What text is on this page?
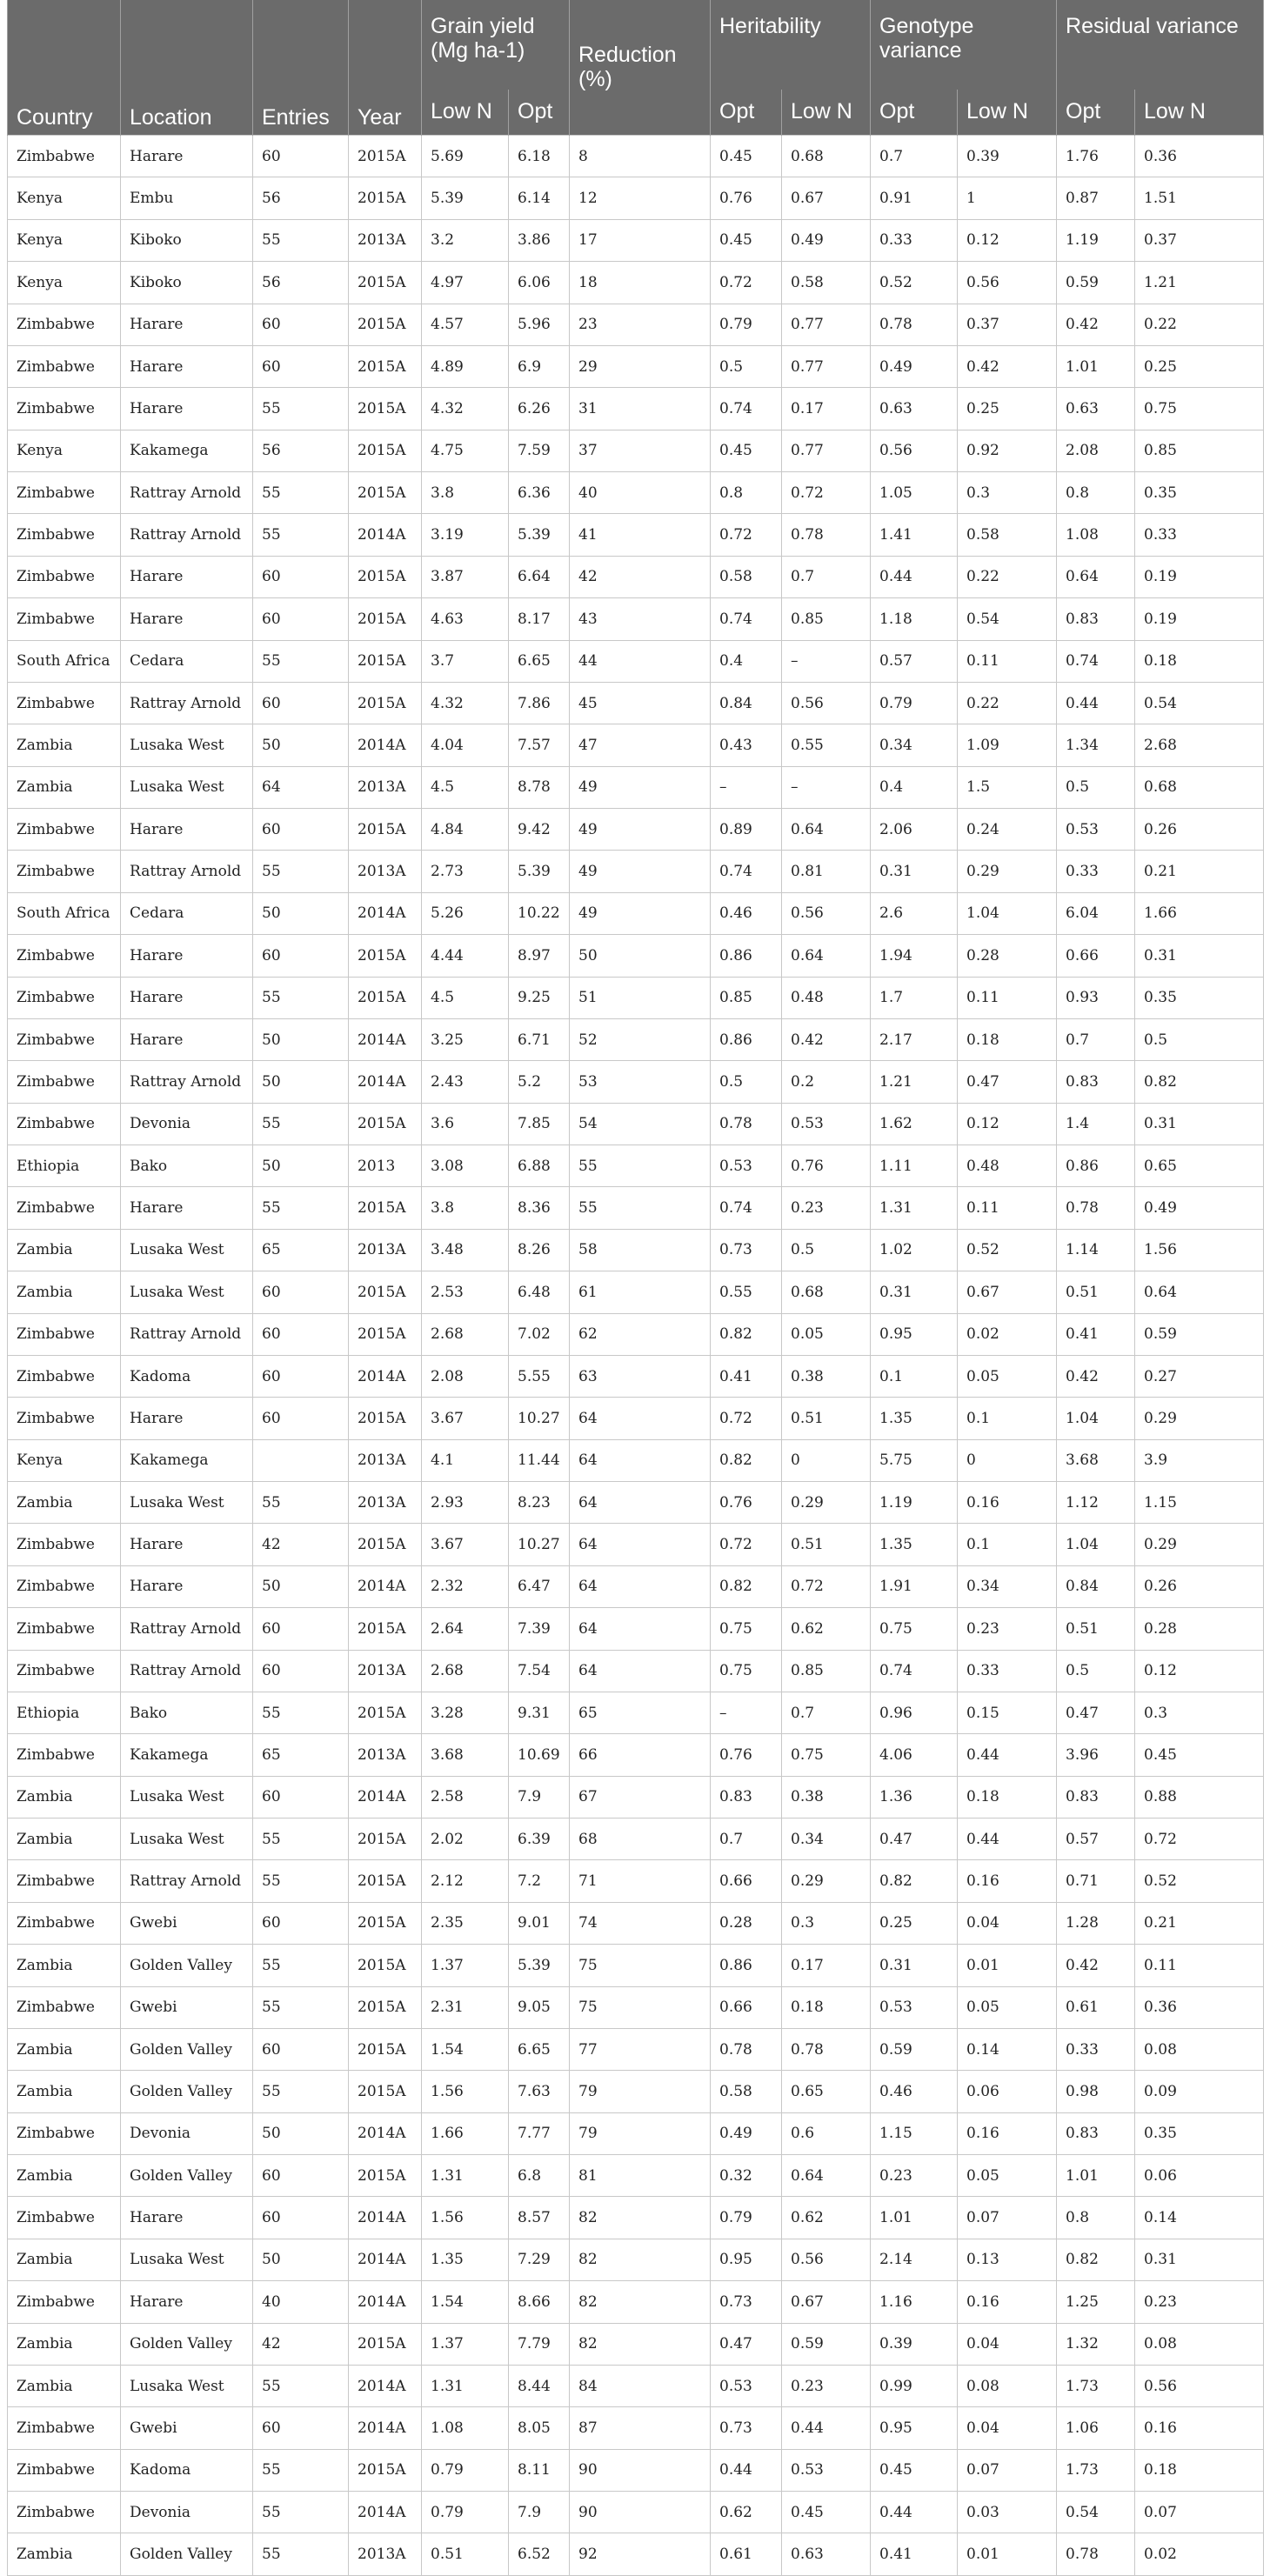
Country	Location	Entries	Year	Grain yield (Mg ha-1)		Reduction (%)	Heritability		Genotype variance		Residual variance	
				Low N	Opt		Opt	Low N	Opt	Low N	Opt	Low N
Zimbabwe	Harare	60	2015A	5.69	6.18	8	0.45	0.68	0.7	0.39	1.76	0.36
Kenya	Embu	56	2015A	5.39	6.14	12	0.76	0.67	0.91	1	0.87	1.51
Kenya	Kiboko	55	2013A	3.2	3.86	17	0.45	0.49	0.33	0.12	1.19	0.37
Kenya	Kiboko	56	2015A	4.97	6.06	18	0.72	0.58	0.52	0.56	0.59	1.21
Zimbabwe	Harare	60	2015A	4.57	5.96	23	0.79	0.77	0.78	0.37	0.42	0.22
Zimbabwe	Harare	60	2015A	4.89	6.9	29	0.5	0.77	0.49	0.42	1.01	0.25
Zimbabwe	Harare	55	2015A	4.32	6.26	31	0.74	0.17	0.63	0.25	0.63	0.75
Kenya	Kakamega	56	2015A	4.75	7.59	37	0.45	0.77	0.56	0.92	2.08	0.85
Zimbabwe	Rattray Arnold	55	2015A	3.8	6.36	40	0.8	0.72	1.05	0.3	0.8	0.35
Zimbabwe	Rattray Arnold	55	2014A	3.19	5.39	41	0.72	0.78	1.41	0.58	1.08	0.33
Zimbabwe	Harare	60	2015A	3.87	6.64	42	0.58	0.7	0.44	0.22	0.64	0.19
Zimbabwe	Harare	60	2015A	4.63	8.17	43	0.74	0.85	1.18	0.54	0.83	0.19
South Africa	Cedara	55	2015A	3.7	6.65	44	0.4	–	0.57	0.11	0.74	0.18
Zimbabwe	Rattray Arnold	60	2015A	4.32	7.86	45	0.84	0.56	0.79	0.22	0.44	0.54
Zambia	Lusaka West	50	2014A	4.04	7.57	47	0.43	0.55	0.34	1.09	1.34	2.68
Zambia	Lusaka West	64	2013A	4.5	8.78	49	–	–	0.4	1.5	0.5	0.68
Zimbabwe	Harare	60	2015A	4.84	9.42	49	0.89	0.64	2.06	0.24	0.53	0.26
Zimbabwe	Rattray Arnold	55	2013A	2.73	5.39	49	0.74	0.81	0.31	0.29	0.33	0.21
South Africa	Cedara	50	2014A	5.26	10.22	49	0.46	0.56	2.6	1.04	6.04	1.66
Zimbabwe	Harare	60	2015A	4.44	8.97	50	0.86	0.64	1.94	0.28	0.66	0.31
Zimbabwe	Harare	55	2015A	4.5	9.25	51	0.85	0.48	1.7	0.11	0.93	0.35
Zimbabwe	Harare	50	2014A	3.25	6.71	52	0.86	0.42	2.17	0.18	0.7	0.5
Zimbabwe	Rattray Arnold	50	2014A	2.43	5.2	53	0.5	0.2	1.21	0.47	0.83	0.82
Zimbabwe	Devonia	55	2015A	3.6	7.85	54	0.78	0.53	1.62	0.12	1.4	0.31
Ethiopia	Bako	50	2013	3.08	6.88	55	0.53	0.76	1.11	0.48	0.86	0.65
Zimbabwe	Harare	55	2015A	3.8	8.36	55	0.74	0.23	1.31	0.11	0.78	0.49
Zambia	Lusaka West	65	2013A	3.48	8.26	58	0.73	0.5	1.02	0.52	1.14	1.56
Zambia	Lusaka West	60	2015A	2.53	6.48	61	0.55	0.68	0.31	0.67	0.51	0.64
Zimbabwe	Rattray Arnold	60	2015A	2.68	7.02	62	0.82	0.05	0.95	0.02	0.41	0.59
Zimbabwe	Kadoma	60	2014A	2.08	5.55	63	0.41	0.38	0.1	0.05	0.42	0.27
Zimbabwe	Harare	60	2015A	3.67	10.27	64	0.72	0.51	1.35	0.1	1.04	0.29
Kenya	Kakamega		2013A	4.1	11.44	64	0.82	0	5.75	0	3.68	3.9
Zambia	Lusaka West	55	2013A	2.93	8.23	64	0.76	0.29	1.19	0.16	1.12	1.15
Zimbabwe	Harare	42	2015A	3.67	10.27	64	0.72	0.51	1.35	0.1	1.04	0.29
Zimbabwe	Harare	50	2014A	2.32	6.47	64	0.82	0.72	1.91	0.34	0.84	0.26
Zimbabwe	Rattray Arnold	60	2015A	2.64	7.39	64	0.75	0.62	0.75	0.23	0.51	0.28
Zimbabwe	Rattray Arnold	60	2013A	2.68	7.54	64	0.75	0.85	0.74	0.33	0.5	0.12
Ethiopia	Bako	55	2015A	3.28	9.31	65	–	0.7	0.96	0.15	0.47	0.3
Zimbabwe	Kakamega	65	2013A	3.68	10.69	66	0.76	0.75	4.06	0.44	3.96	0.45
Zambia	Lusaka West	60	2014A	2.58	7.9	67	0.83	0.38	1.36	0.18	0.83	0.88
Zambia	Lusaka West	55	2015A	2.02	6.39	68	0.7	0.34	0.47	0.44	0.57	0.72
Zimbabwe	Rattray Arnold	55	2015A	2.12	7.2	71	0.66	0.29	0.82	0.16	0.71	0.52
Zimbabwe	Gwebi	60	2015A	2.35	9.01	74	0.28	0.3	0.25	0.04	1.28	0.21
Zambia	Golden Valley	55	2015A	1.37	5.39	75	0.86	0.17	0.31	0.01	0.42	0.11
Zimbabwe	Gwebi	55	2015A	2.31	9.05	75	0.66	0.18	0.53	0.05	0.61	0.36
Zambia	Golden Valley	60	2015A	1.54	6.65	77	0.78	0.78	0.59	0.14	0.33	0.08
Zambia	Golden Valley	55	2015A	1.56	7.63	79	0.58	0.65	0.46	0.06	0.98	0.09
Zimbabwe	Devonia	50	2014A	1.66	7.77	79	0.49	0.6	1.15	0.16	0.83	0.35
Zambia	Golden Valley	60	2015A	1.31	6.8	81	0.32	0.64	0.23	0.05	1.01	0.06
Zimbabwe	Harare	60	2014A	1.56	8.57	82	0.79	0.62	1.01	0.07	0.8	0.14
Zambia	Lusaka West	50	2014A	1.35	7.29	82	0.95	0.56	2.14	0.13	0.82	0.31
Zimbabwe	Harare	40	2014A	1.54	8.66	82	0.73	0.67	1.16	0.16	1.25	0.23
Zambia	Golden Valley	42	2015A	1.37	7.79	82	0.47	0.59	0.39	0.04	1.32	0.08
Zambia	Lusaka West	55	2014A	1.31	8.44	84	0.53	0.23	0.99	0.08	1.73	0.56
Zimbabwe	Gwebi	60	2014A	1.08	8.05	87	0.73	0.44	0.95	0.04	1.06	0.16
Zimbabwe	Kadoma	55	2015A	0.79	8.11	90	0.44	0.53	0.45	0.07	1.73	0.18
Zimbabwe	Devonia	55	2014A	0.79	7.9	90	0.62	0.45	0.44	0.03	0.54	0.07
Zambia	Golden Valley	55	2013A	0.51	6.52	92	0.61	0.63	0.41	0.01	0.78	0.02
